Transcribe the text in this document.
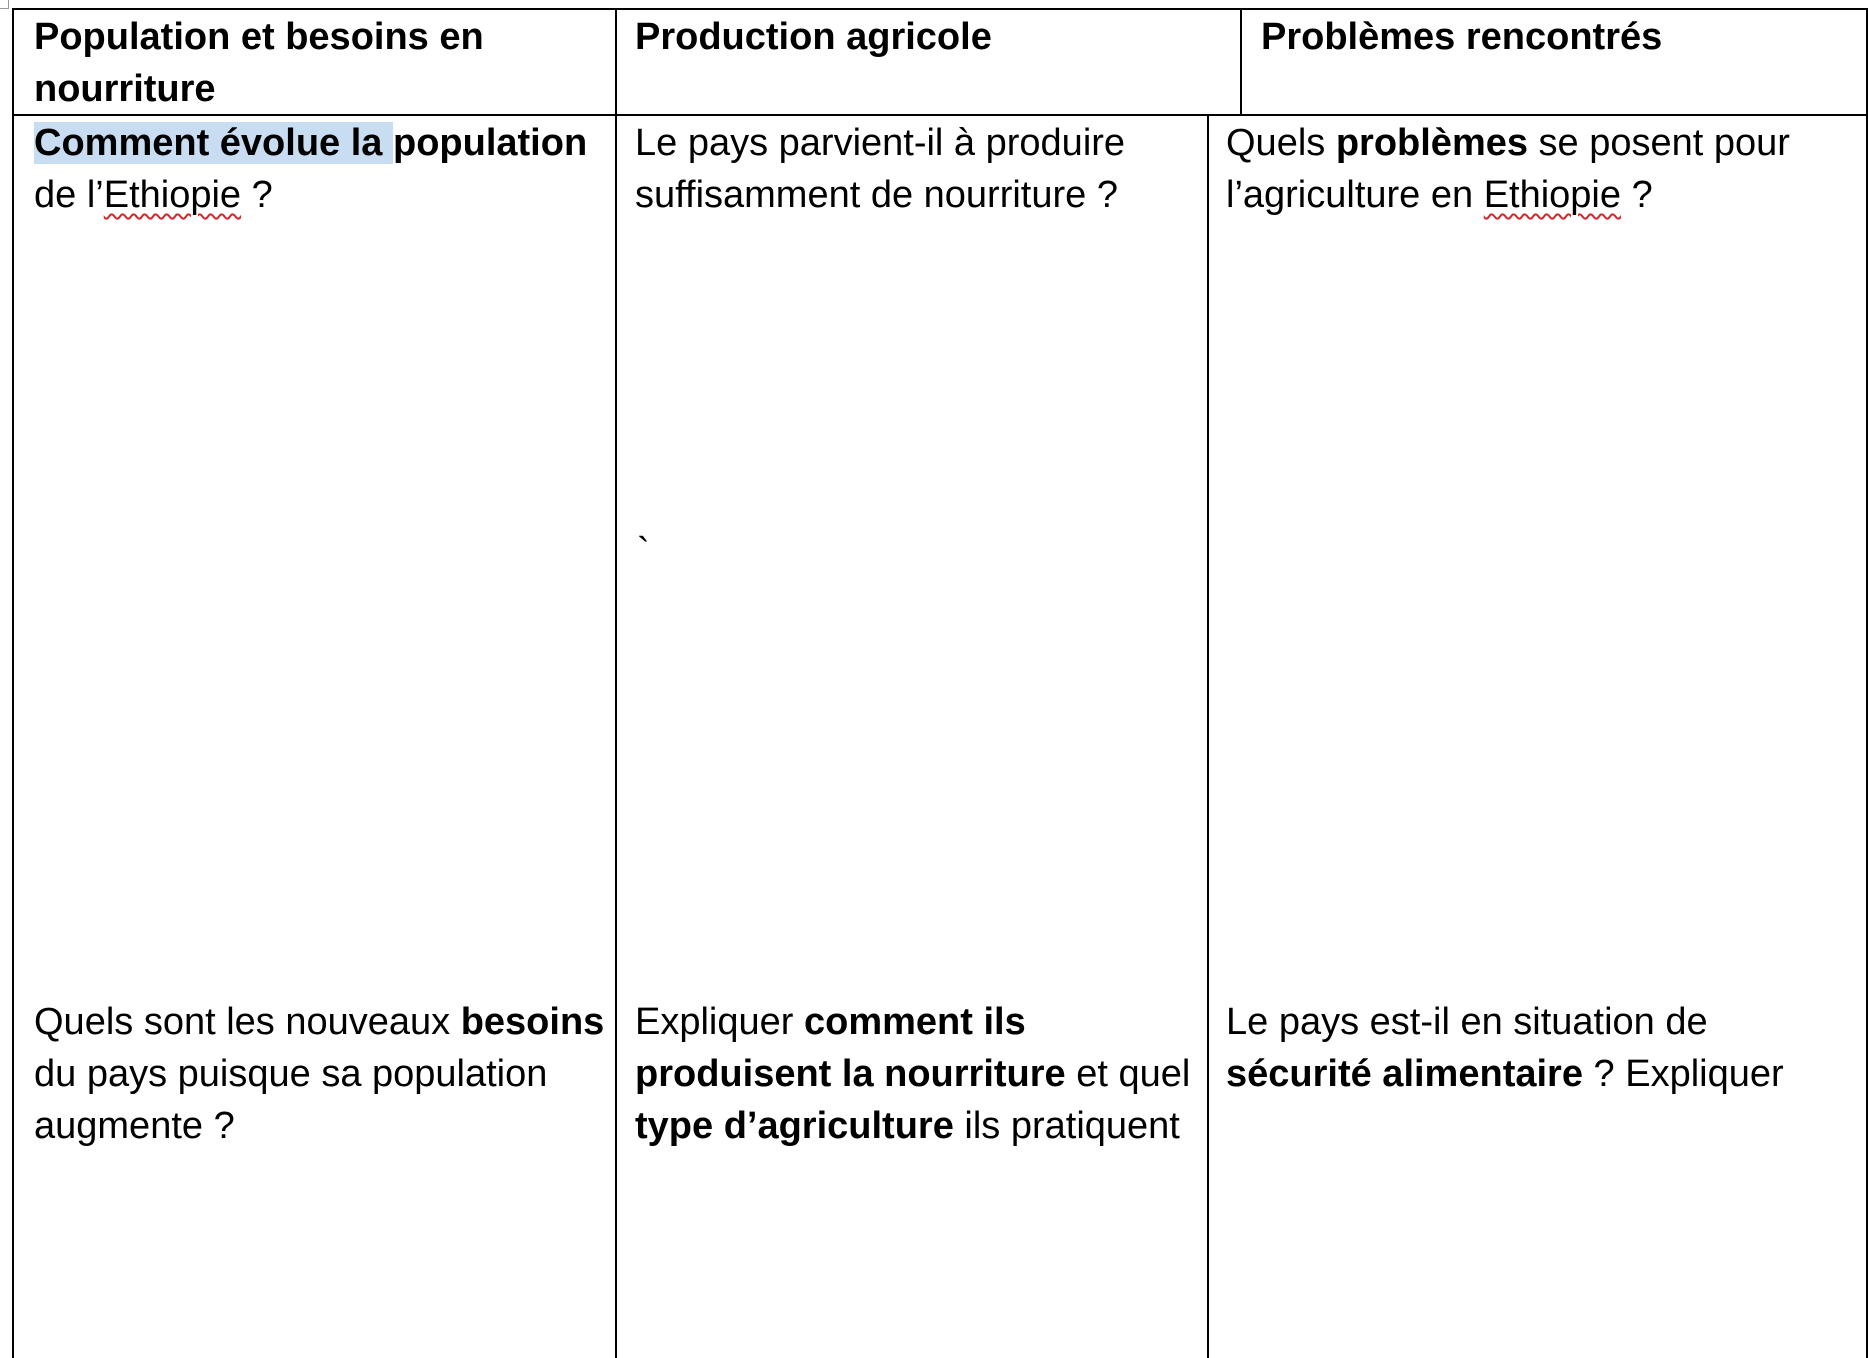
Population et besoins en nourriture
Production agricole	Problèmes rencontrés
Comment évolue la population de l’Ethiopie ?
Le pays parvient-il à produire suffisamment de nourriture ?
`
Quels problèmes se posent pour l’agriculture en Ethiopie ?
Quels sont les nouveaux besoins du pays puisque sa population augmente ?
Expliquer comment ils produisent la nourriture et quel type d’agriculture ils pratiquent
Le pays est-il en situation de sécurité alimentaire ? Expliquer
